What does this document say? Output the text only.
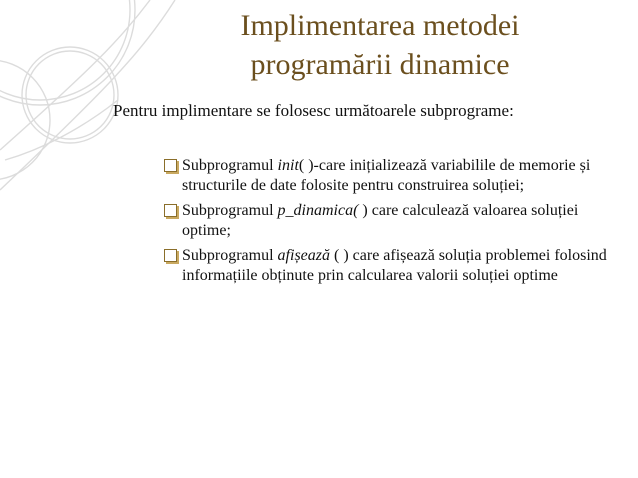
Implimentarea metodei
programării dinamice
Pentru implimentare se folosesc următoarele subprograme:
Subprogramul init( )-care inițializează variabilile de memorie și structurile de date folosite pentru construirea soluției;
Subprogramul p_dinamica( ) care calculează valoarea soluției optime;
Subprogramul afișează ( ) care afișează soluția problemei folosind informațiile obținute prin calcularea valorii soluției optime
